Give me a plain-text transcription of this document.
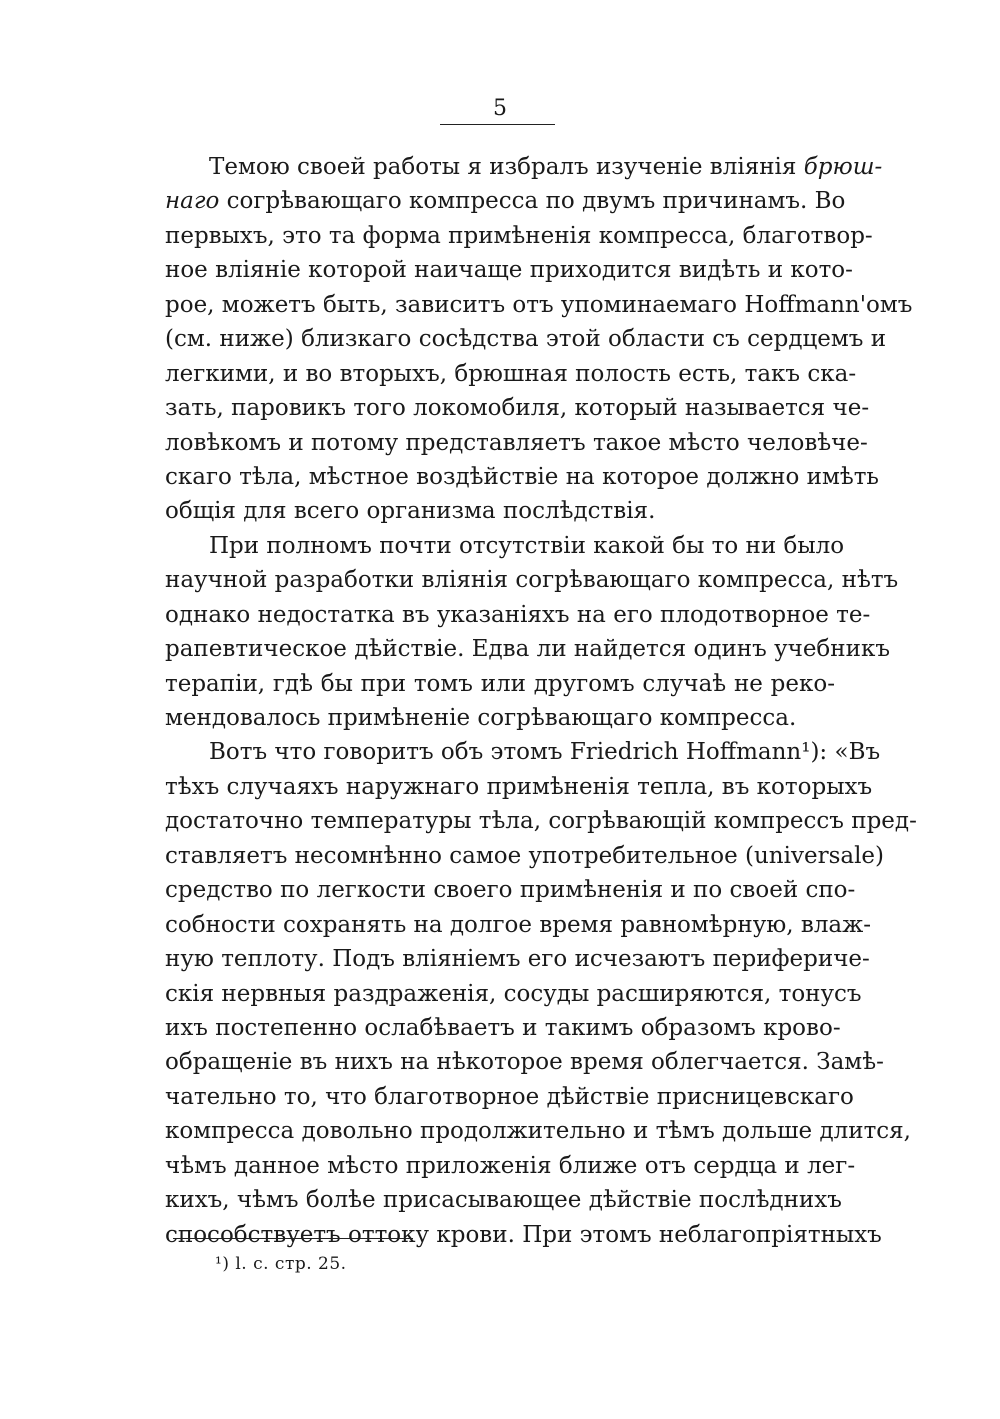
5
Темою своей работы я избралъ изученіе вліянія брюш-
наго согрѣвающаго компресса по двумъ причинамъ. Во
первыхъ, это та форма примѣненія компресса, благотвор-
ное вліяніе которой наичаще приходится видѣть и кото-
рое, можетъ быть, зависитъ отъ упоминаемаго Hoffmann'омъ
(см. ниже) близкаго сосѣдства этой области съ сердцемъ и
легкими, и во вторыхъ, брюшная полость есть, такъ ска-
зать, паровикъ того локомобиля, который называется че-
ловѣкомъ и потому представляетъ такое мѣсто человѣче-
скаго тѣла, мѣстное воздѣйствіе на которое должно имѣть
общія для всего организма послѣдствія.
При полномъ почти отсутствіи какой бы то ни было
научной разработки вліянія согрѣвающаго компресса, нѣтъ
однако недостатка въ указаніяхъ на его плодотворное те-
рапевтическое дѣйствіе. Едва ли найдется одинъ учебникъ
терапіи, гдѣ бы при томъ или другомъ случаѣ не реко-
мендовалось примѣненіе согрѣвающаго компресса.
Вотъ что говоритъ объ этомъ Friedrich Hoffmann¹): «Въ
тѣхъ случаяхъ наружнаго примѣненія тепла, въ которыхъ
достаточно температуры тѣла, согрѣвающій компрессъ пред-
ставляетъ несомнѣнно самое употребительное (universale)
средство по легкости своего примѣненія и по своей спо-
собности сохранять на долгое время равномѣрную, влаж-
ную теплоту. Подъ вліяніемъ его исчезаютъ перифериче-
скія нервныя раздраженія, сосуды расширяются, тонусъ
ихъ постепенно ослабѣваетъ и такимъ образомъ крово-
обращеніе въ нихъ на нѣкоторое время облегчается. Замѣ-
чательно то, что благотворное дѣйствіе присницевскаго
компресса довольно продолжительно и тѣмъ дольше длится,
чѣмъ данное мѣсто приложенія ближе отъ сердца и лег-
кихъ, чѣмъ болѣе присасывающее дѣйствіе послѣднихъ
способствуетъ оттоку крови. При этомъ неблагопріятныхъ
¹) l. c. стр. 25.
